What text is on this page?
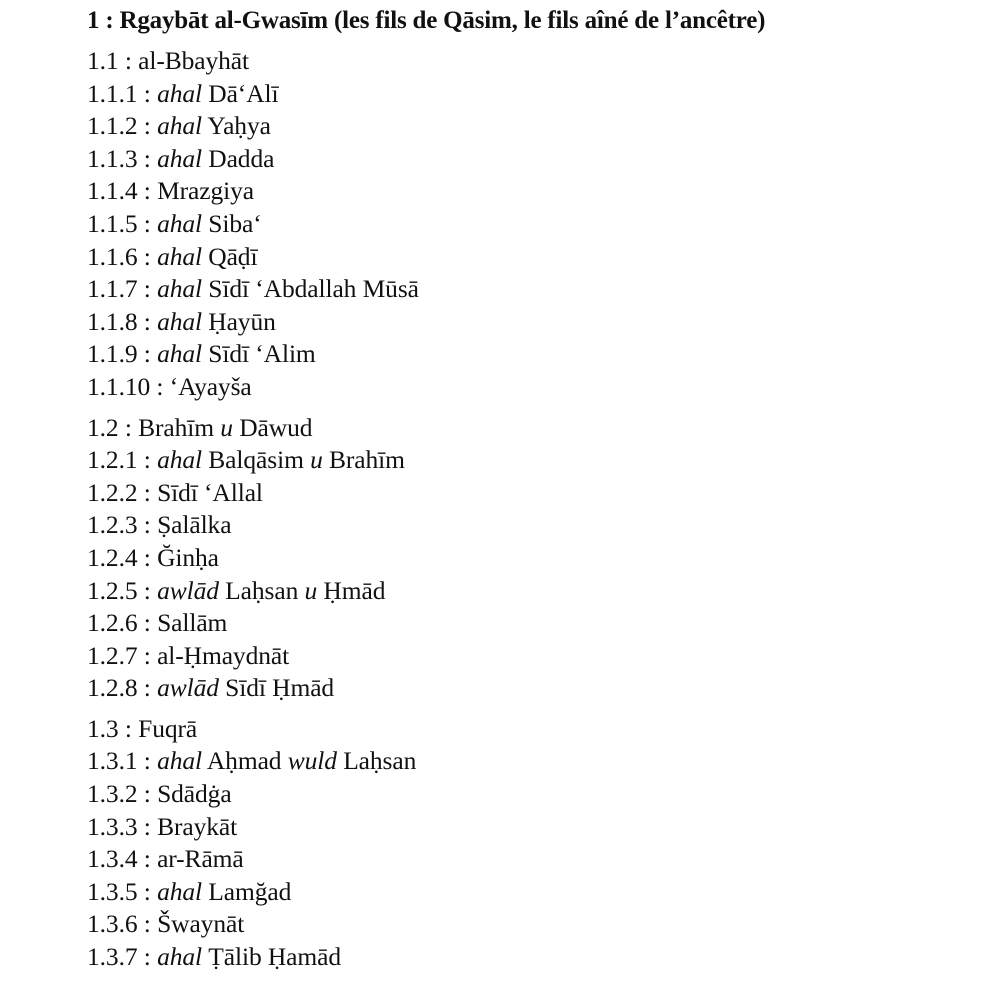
1 : Rgaybāt al-Gwasīm (les fils de Qāsim, le fils aîné de l’ancêtre)
1.1 : al-Bbayhāt
1.1.1 : ahal Dā‘Alī
1.1.2 : ahal Yaḥya
1.1.3 : ahal Dadda
1.1.4 : Mrazgiya
1.1.5 : ahal Siba‘
1.1.6 : ahal Qāḍī
1.1.7 : ahal Sīdī ‘Abdallah Mūsā
1.1.8 : ahal Ḥayūn
1.1.9 : ahal Sīdī ‘Alim
1.1.10 : ‘Ayayša
1.2 : Brahīm u Dāwud
1.2.1 : ahal Balqāsim u Brahīm
1.2.2 : Sīdī ‘Allal
1.2.3 : Ṣalālka
1.2.4 : Ğinḥa
1.2.5 : awlād Laḥsan u Ḥmād
1.2.6 : Sallām
1.2.7 : al-Ḥmaydnāt
1.2.8 : awlād Sīdī Ḥmād
1.3 : Fuqrā
1.3.1 : ahal Aḥmad wuld Laḥsan
1.3.2 : Sdādġa
1.3.3 : Braykāt
1.3.4 : ar-Rāmā
1.3.5 : ahal Lamğad
1.3.6 : Šwaynāt
1.3.7 : ahal Ṭālib Ḥamād
